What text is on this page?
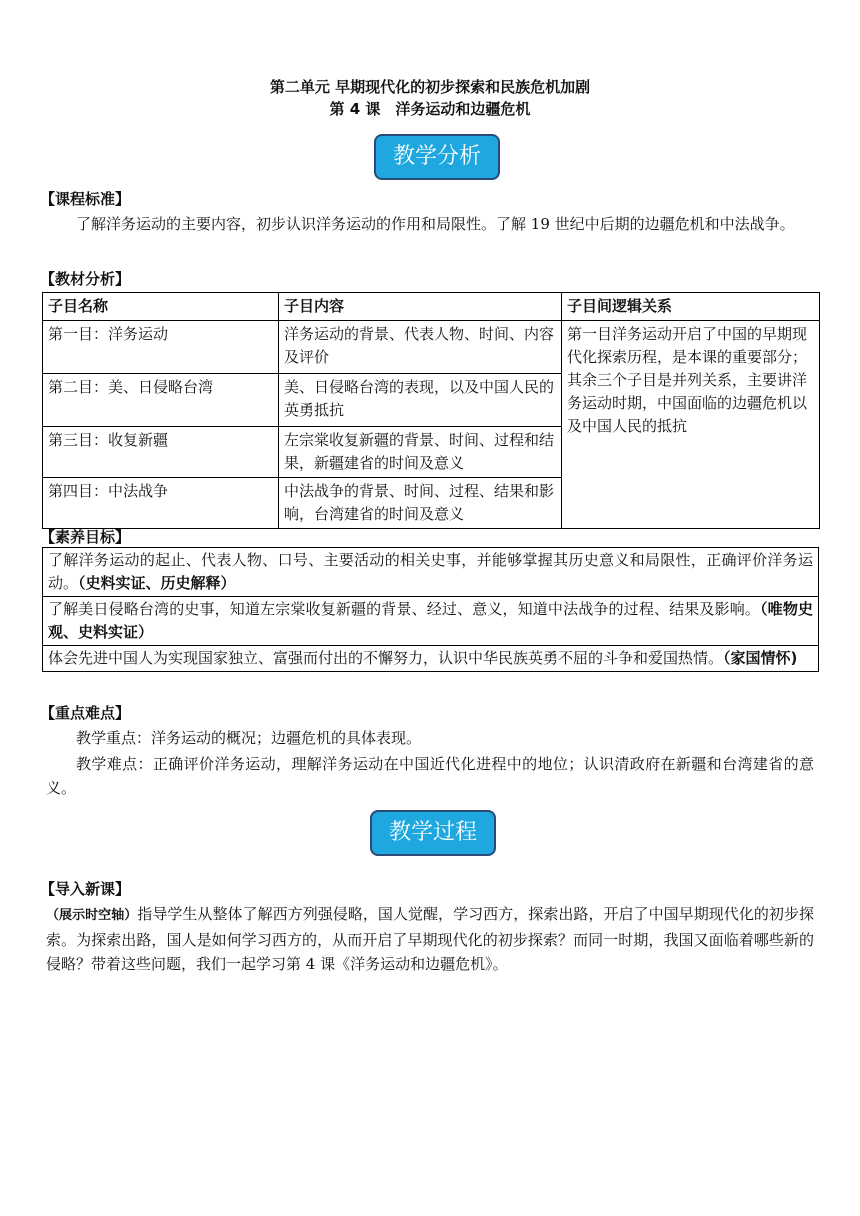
第二单元 早期现代化的初步探索和民族危机加剧
第 4 课　洋务运动和边疆危机
教学分析
【课程标准】
了解洋务运动的主要内容，初步认识洋务运动的作用和局限性。了解 19 世纪中后期的边疆危机和中法战争。
【教材分析】
子目名称	子目内容	子目间逻辑关系
第一目：洋务运动	洋务运动的背景、代表人物、时间、内容及评价	第一目洋务运动开启了中国的早期现代化探索历程，是本课的重要部分；其余三个子目是并列关系，主要讲洋务运动时期，中国面临的边疆危机以及中国人民的抵抗
第二目：美、日侵略台湾	美、日侵略台湾的表现，以及中国人民的英勇抵抗	
第三目：收复新疆	左宗棠收复新疆的背景、时间、过程和结果，新疆建省的时间及意义	
第四目：中法战争	中法战争的背景、时间、过程、结果和影响，台湾建省的时间及意义	
【素养目标】
了解洋务运动的起止、代表人物、口号、主要活动的相关史事，并能够掌握其历史意义和局限性，正确评价洋务运动。（史料实证、历史解释）
了解美日侵略台湾的史事，知道左宗棠收复新疆的背景、经过、意义，知道中法战争的过程、结果及影响。（唯物史观、史料实证）
体会先进中国人为实现国家独立、富强而付出的不懈努力，认识中华民族英勇不屈的斗争和爱国热情。（家国情怀)
【重点难点】
教学重点：洋务运动的概况；边疆危机的具体表现。
教学难点：正确评价洋务运动，理解洋务运动在中国近代化进程中的地位；认识清政府在新疆和台湾建省的意义。
教学过程
【导入新课】
（展示时空轴）指导学生从整体了解西方列强侵略，国人觉醒，学习西方，探索出路，开启了中国早期现代化的初步探索。为探索出路，国人是如何学习西方的，从而开启了早期现代化的初步探索？而同一时期，我国又面临着哪些新的侵略？带着这些问题，我们一起学习第 4 课《洋务运动和边疆危机》。
